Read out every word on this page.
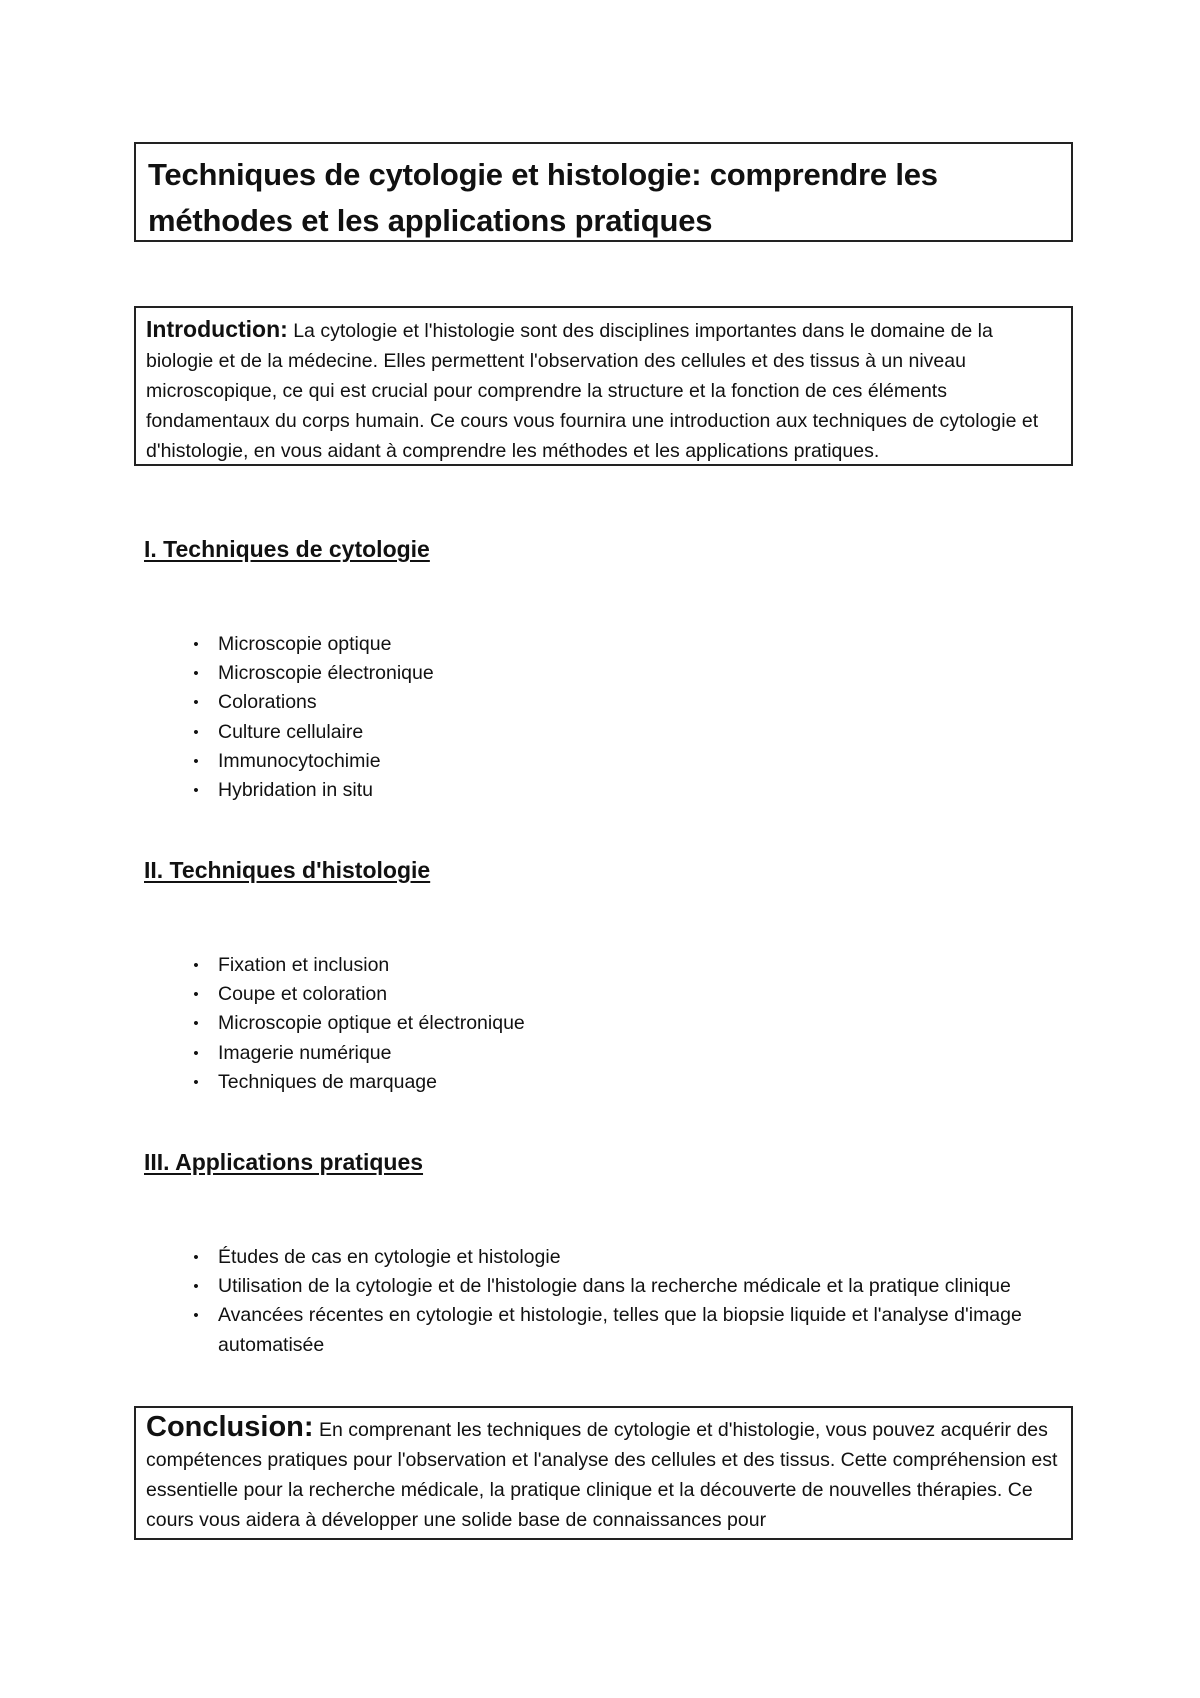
Techniques de cytologie et histologie: comprendre les méthodes et les applications pratiques

Introduction: La cytologie et l'histologie sont des disciplines importantes dans le domaine de la biologie et de la médecine. Elles permettent l'observation des cellules et des tissus à un niveau microscopique, ce qui est crucial pour comprendre la structure et la fonction de ces éléments fondamentaux du corps humain. Ce cours vous fournira une introduction aux techniques de cytologie et d'histologie, en vous aidant à comprendre les méthodes et les applications pratiques.

I. Techniques de cytologie
• Microscopie optique
• Microscopie électronique
• Colorations
• Culture cellulaire
• Immunocytochimie
• Hybridation in situ
II. Techniques d'histologie
• Fixation et inclusion
• Coupe et coloration
• Microscopie optique et électronique
• Imagerie numérique
• Techniques de marquage
III. Applications pratiques
• Études de cas en cytologie et histologie
• Utilisation de la cytologie et de l'histologie dans la recherche médicale et la pratique clinique
• Avancées récentes en cytologie et histologie, telles que la biopsie liquide et l'analyse d'image automatisée

Conclusion: En comprenant les techniques de cytologie et d'histologie, vous pouvez acquérir des compétences pratiques pour l'observation et l'analyse des cellules et des tissus. Cette compréhension est essentielle pour la recherche médicale, la pratique clinique et la découverte de nouvelles thérapies. Ce cours vous aidera à développer une solide base de connaissances pour
